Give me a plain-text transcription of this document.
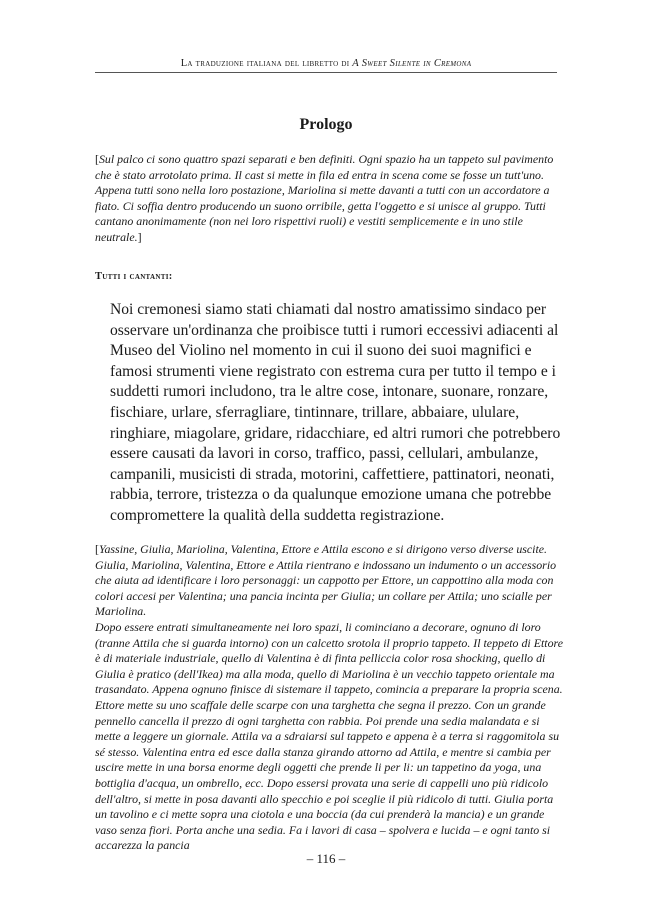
La traduzione italiana del libretto di A Sweet Silente in Cremona
Prologo
[Sul palco ci sono quattro spazi separati e ben definiti. Ogni spazio ha un tappeto sul pavimento che è stato arrotolato prima. Il cast si mette in fila ed entra in scena come se fosse un tutt'uno. Appena tutti sono nella loro postazione, Mariolina si mette davanti a tutti con un accordatore a fiato. Ci soffia dentro producendo un suono orribile, getta l'oggetto e si unisce al gruppo. Tutti cantano anonimamente (non nei loro rispettivi ruoli) e vestiti semplicemente e in uno stile neutrale.]
Tutti i cantanti:

Noi cremonesi siamo stati chiamati dal nostro amatissimo sindaco per osservare un'ordinanza che proibisce tutti i rumori eccessivi adiacenti al Museo del Violino nel momento in cui il suono dei suoi magnifici e famosi strumenti viene registrato con estrema cura per tutto il tempo e i suddetti rumori includono, tra le altre cose, intonare, suonare, ronzare, fischiare, urlare, sferragliare, tintinnare, trillare, abbaiare, ululare, ringhiare, miagolare, gridare, ridacchiare, ed altri rumori che potrebbero essere causati da lavori in corso, traffico, passi, cellulari, ambulanze, campanili, musicisti di strada, motorini, caffettiere, pattinatori, neonati, rabbia, terrore, tristezza o da qualunque emozione umana che potrebbe compromettere la qualità della suddetta registrazione.

[Yassine, Giulia, Mariolina, Valentina, Ettore e Attila escono e si dirigono verso diverse uscite. Giulia, Mariolina, Valentina, Ettore e Attila rientrano e indossano un indumento o un accessorio che aiuta ad identificare i loro personaggi: un cappotto per Ettore, un cappottino alla moda con colori accesi per Valentina; una pancia incinta per Giulia; un collare per Attila; uno scialle per Mariolina.

Dopo essere entrati simultaneamente nei loro spazi, li cominciano a decorare, ognuno di loro (tranne Attila che si guarda intorno) con un calcetto srotola il proprio tappeto. Il teppeto di Ettore è di materiale industriale, quello di Valentina è di finta pelliccia color rosa shocking, quello di Giulia è pratico (dell'Ikea) ma alla moda, quello di Mariolina è un vecchio tappeto orientale ma trasandato. Appena ognuno finisce di sistemare il tappeto, comincia a preparare la propria scena. Ettore mette su uno scaffale delle scarpe con una targhetta che segna il prezzo. Con un grande pennello cancella il prezzo di ogni targhetta con rabbia. Poi prende una sedia malandata e si mette a leggere un giornale. Attila va a sdraiarsi sul tappeto e appena è a terra si raggomitola su sé stesso. Valentina entra ed esce dalla stanza girando attorno ad Attila, e mentre si cambia per uscire mette in una borsa enorme degli oggetti che prende li per li: un tappetino da yoga, una bottiglia d'acqua, un ombrello, ecc. Dopo essersi provata una serie di cappelli uno più ridicolo dell'altro, si mette in posa davanti allo specchio e poi sceglie il più ridicolo di tutti. Giulia porta un tavolino e ci mette sopra una ciotola e una boccia (da cui prenderà la mancia) e un grande vaso senza fiori. Porta anche una sedia. Fa i lavori di casa – spolvera e lucida – e ogni tanto si accarezza la pancia

– 116 –
